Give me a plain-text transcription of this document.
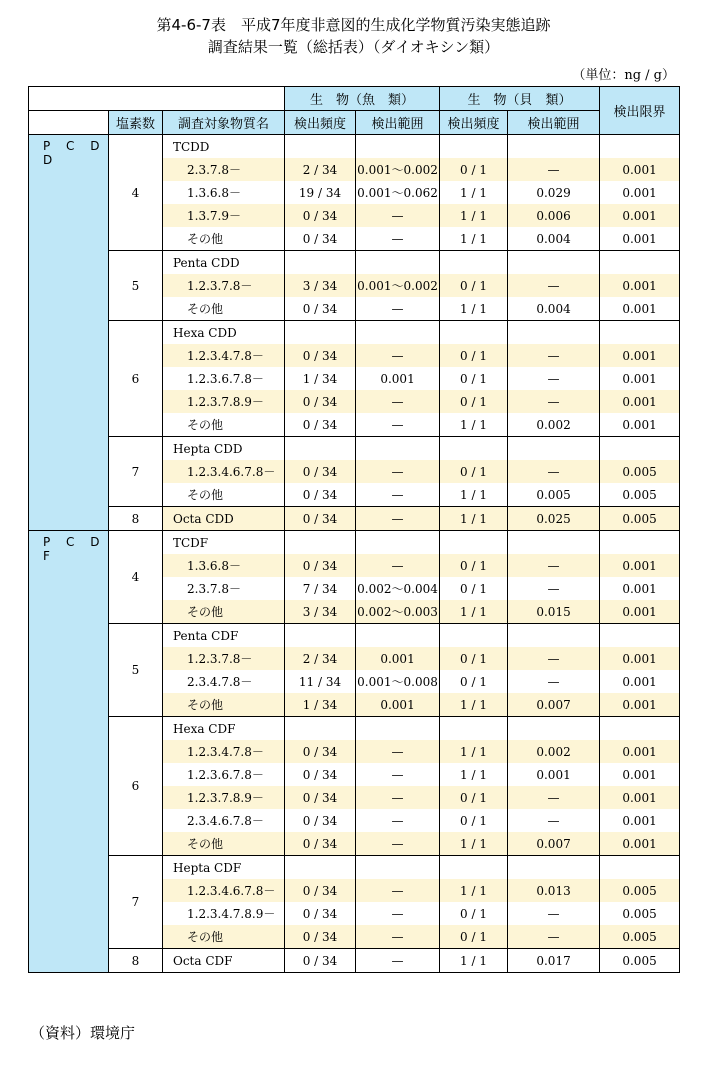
第4-6-7表　平成7年度非意図的生成化学物質汚染実態追跡
調査結果一覧（総括表）（ダイオキシン類）
（単位：ng / g）
			生　物（魚　類）		生　物（貝　類）		検出限界
	塩素数	調査対象物質名	検出頻度	検出範囲	検出頻度	検出範囲	
P C D D	4	TCDD					
		2.3.7.8－	2 / 34	0.001～0.002	0 / 1	—	0.001
		1.3.6.8－	19 / 34	0.001～0.062	1 / 1	0.029	0.001
		1.3.7.9－	0 / 34	—	1 / 1	0.006	0.001
		その他	0 / 34	—	1 / 1	0.004	0.001
	5	Penta CDD					
		1.2.3.7.8－	3 / 34	0.001～0.002	0 / 1	—	0.001
		その他	0 / 34	—	1 / 1	0.004	0.001
	6	Hexa CDD					
		1.2.3.4.7.8－	0 / 34	—	0 / 1	—	0.001
		1.2.3.6.7.8－	1 / 34	0.001	0 / 1	—	0.001
		1.2.3.7.8.9－	0 / 34	—	0 / 1	—	0.001
		その他	0 / 34	—	1 / 1	0.002	0.001
	7	Hepta CDD					
		1.2.3.4.6.7.8－	0 / 34	—	0 / 1	—	0.005
		その他	0 / 34	—	1 / 1	0.005	0.005
	8	Octa CDD	0 / 34	—	1 / 1	0.025	0.005
P C D F	4	TCDF					
		1.3.6.8－	0 / 34	—	0 / 1	—	0.001
		2.3.7.8－	7 / 34	0.002～0.004	0 / 1	—	0.001
		その他	3 / 34	0.002～0.003	1 / 1	0.015	0.001
	5	Penta CDF					
		1.2.3.7.8－	2 / 34	0.001	0 / 1	—	0.001
		2.3.4.7.8－	11 / 34	0.001～0.008	0 / 1	—	0.001
		その他	1 / 34	0.001	1 / 1	0.007	0.001
	6	Hexa CDF					
		1.2.3.4.7.8－	0 / 34	—	1 / 1	0.002	0.001
		1.2.3.6.7.8－	0 / 34	—	1 / 1	0.001	0.001
		1.2.3.7.8.9－	0 / 34	—	0 / 1	—	0.001
		2.3.4.6.7.8－	0 / 34	—	0 / 1	—	0.001
		その他	0 / 34	—	1 / 1	0.007	0.001
	7	Hepta CDF					
		1.2.3.4.6.7.8－	0 / 34	—	1 / 1	0.013	0.005
		1.2.3.4.7.8.9－	0 / 34	—	0 / 1	—	0.005
		その他	0 / 34	—	0 / 1	—	0.005
	8	Octa CDF	0 / 34	—	1 / 1	0.017	0.005
（資料）環境庁
